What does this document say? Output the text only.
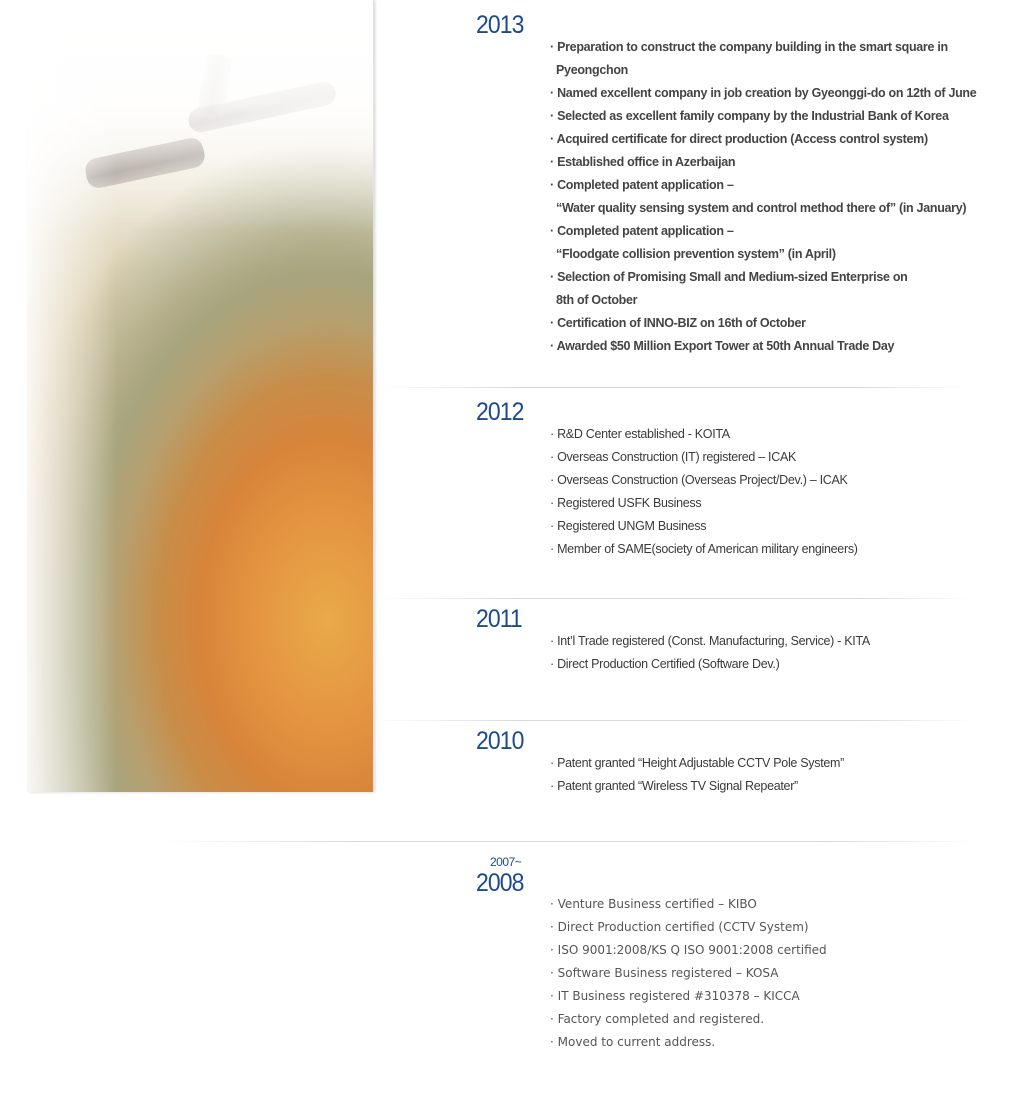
2013
· Preparation to construct the company building in the smart square in
Pyeongchon
· Named excellent company in job creation by Gyeonggi-do on 12th of June
· Selected as excellent family company by the Industrial Bank of Korea
· Acquired certificate for direct production (Access control system)
· Established office in Azerbaijan
· Completed patent application –
“Water quality sensing system and control method there of” (in January)
· Completed patent application –
“Floodgate collision prevention system” (in April)
· Selection of Promising Small and Medium-sized Enterprise on
8th of October
· Certification of INNO-BIZ on 16th of October
· Awarded $50 Million Export Tower at 50th Annual Trade Day
2012
· R&D Center established - KOITA
· Overseas Construction (IT) registered – ICAK
· Overseas Construction (Overseas Project/Dev.) – ICAK
· Registered USFK Business
· Registered UNGM Business
· Member of SAME(society of American military engineers)
2011
· Int’l Trade registered (Const. Manufacturing, Service) - KITA
· Direct Production Certified (Software Dev.)
2010
· Patent granted “Height Adjustable CCTV Pole System”
· Patent granted “Wireless TV Signal Repeater”
2007~
2008
· Venture Business certified – KIBO
· Direct Production certified (CCTV System)
· ISO 9001:2008/KS Q ISO 9001:2008 certified
· Software Business registered – KOSA
· IT Business registered #310378 – KICCA
· Factory completed and registered.
· Moved to current address.
